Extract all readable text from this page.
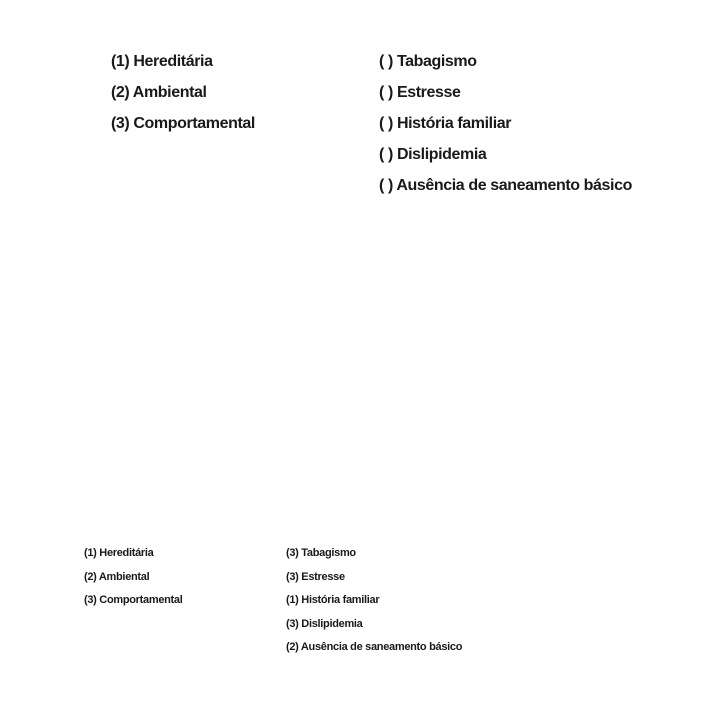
(1) Hereditária
(2) Ambiental
(3) Comportamental
( ) Tabagismo
( ) Estresse
( ) História familiar
( ) Dislipidemia
( ) Ausência de saneamento básico
(1) Hereditária
(2) Ambiental
(3) Comportamental
(3) Tabagismo
(3) Estresse
(1) História familiar
(3) Dislipidemia
(2) Ausência de saneamento básico
